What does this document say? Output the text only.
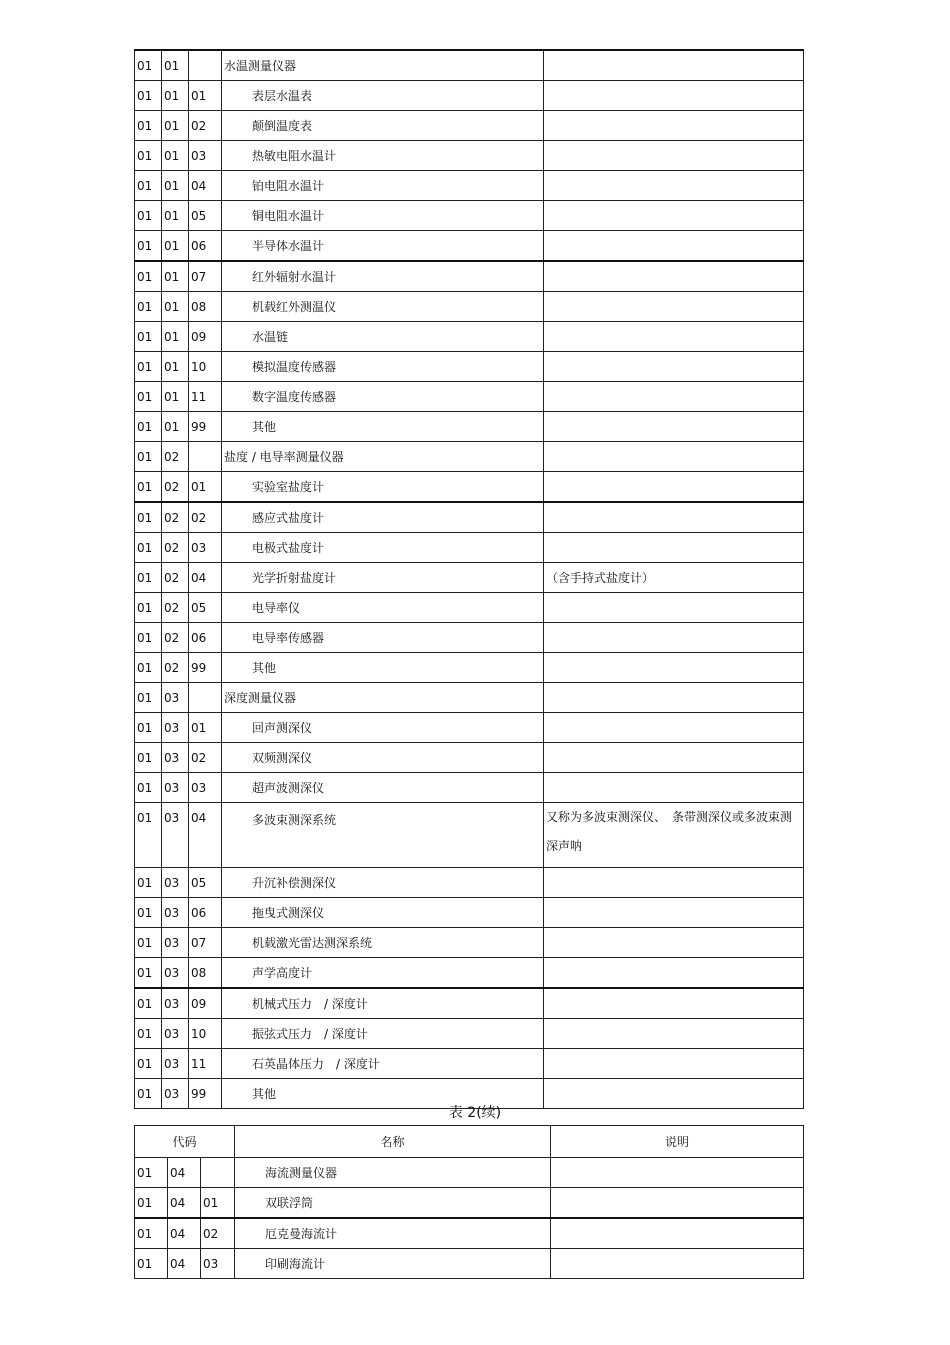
01	01		水温测量仪器	
01	01	01	表层水温表	
01	01	02	颠倒温度表	
01	01	03	热敏电阻水温计	
01	01	04	铂电阻水温计	
01	01	05	铜电阻水温计	
01	01	06	半导体水温计	
01	01	07	红外辐射水温计	
01	01	08	机载红外测温仪	
01	01	09	水温链	
01	01	10	模拟温度传感器	
01	01	11	数字温度传感器	
01	01	99	其他	
01	02		盐度 / 电导率测量仪器	
01	02	01	实验室盐度计	
01	02	02	感应式盐度计	
01	02	03	电极式盐度计	
01	02	04	光学折射盐度计	（含手持式盐度计）
01	02	05	电导率仪	
01	02	06	电导率传感器	
01	02	99	其他	
01	03		深度测量仪器	
01	03	01	回声测深仪	
01	03	02	双频测深仪	
01	03	03	超声波测深仪	
01	03	04	多波束测深系统	又称为多波束测深仪、　条带测深仪或多波束测深声呐
01	03	05	升沉补偿测深仪	
01	03	06	拖曳式测深仪	
01	03	07	机载激光雷达测深系统	
01	03	08	声学高度计	
01	03	09	机械式压力　/ 深度计	
01	03	10	振弦式压力　/ 深度计	
01	03	11	石英晶体压力　/ 深度计	
01	03	99	其他	
表 2(续)
代码			名称	说明
01	04		海流测量仪器	
01	04	01	双联浮筒	
01	04	02	厄克曼海流计	
01	04	03	印刷海流计	
